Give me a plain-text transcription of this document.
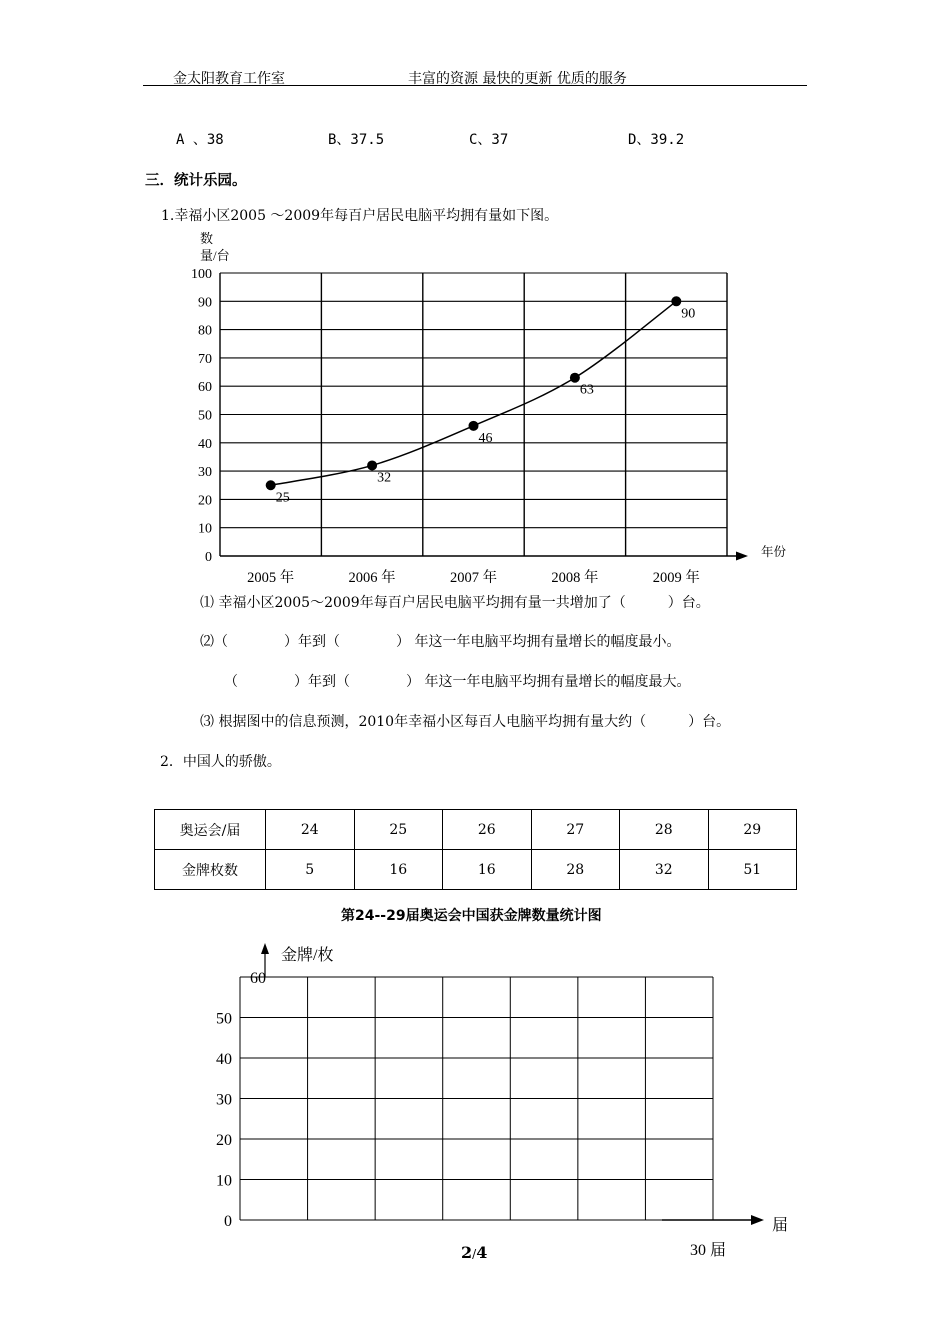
金太阳教育工作室	丰富的资源 最快的更新 优质的服务
A 、38	B、37.5	C、37	D、39.2
三．统计乐园。
1.幸福小区2005 ～2009年每百户居民电脑平均拥有量如下图。
0
10
20
30
40
50
60
70
80
90
100
2005 年	2006 年	2007 年	2008 年	2009 年
25
32
46
63
90
数
量/台
年份
⑴ 幸福小区2005～2009年每百户居民电脑平均拥有量一共增加了（　　　）台。
⑵（　　　　）年到（　　　　） 年这一年电脑平均拥有量增长的幅度最小。
（　　　　）年到（　　　　） 年这一年电脑平均拥有量增长的幅度最大。
⑶ 根据图中的信息预测，2010年幸福小区每百人电脑平均拥有量大约（　　　）台。
2．中国人的骄傲。
奥运会/届	24	25	26	27	28	29
金牌枚数	5	16	16	28	32	51
第24--29届奥运会中国获金牌数量统计图
0
10
20
30
40
50
60
金牌/枚
届
30 届
2/4
